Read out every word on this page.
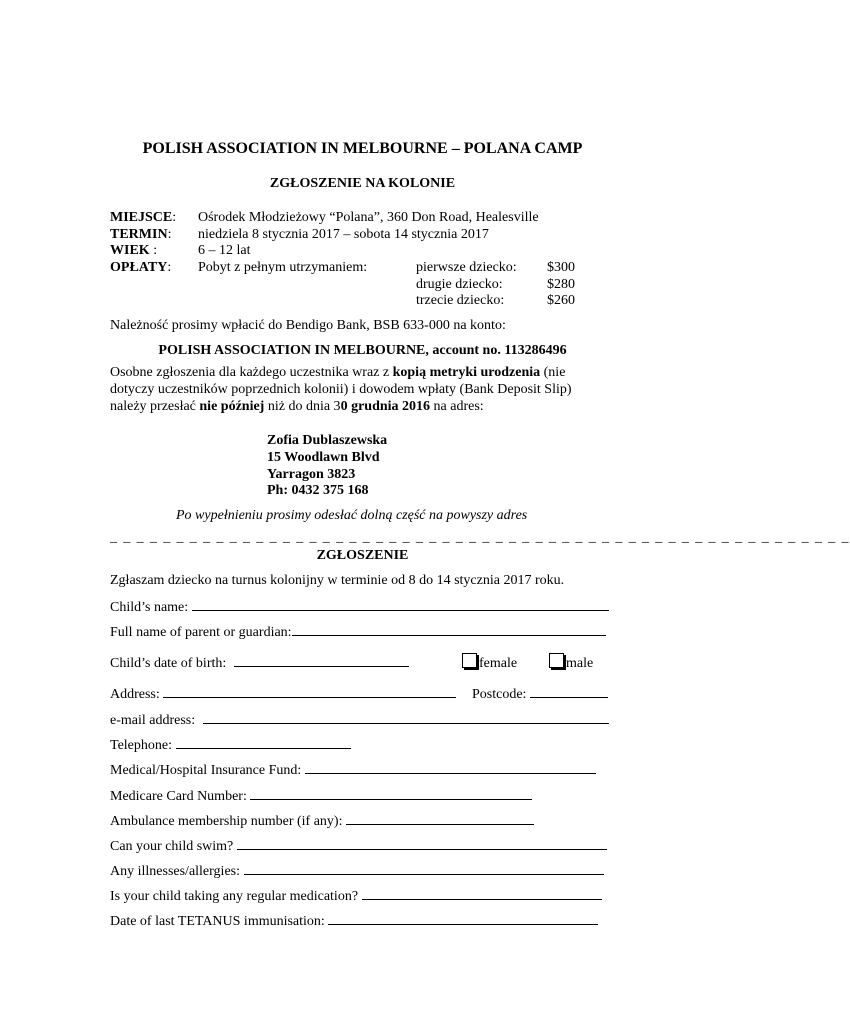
POLISH ASSOCIATION IN MELBOURNE – POLANA CAMP
ZGŁOSZENIE NA KOLONIE
MIEJSCE: Ośrodek Młodzieżowy “Polana”, 360 Don Road, Healesville
TERMIN: niedziela 8 stycznia 2017 – sobota 14 stycznia 2017
WIEK :	6 – 12 lat
OPŁATY: Pobyt z pełnym utrzymaniem:	pierwsze dziecko: $300
drugie dziecko:	$280
trzecie dziecko:	$260
Należność prosimy wpłacić do Bendigo Bank, BSB 633-000 na konto:
POLISH ASSOCIATION IN MELBOURNE, account no. 113286496
Osobne zgłoszenia dla każdego uczestnika wraz z kopią metryki urodzenia (nie
dotyczy uczestników poprzednich kolonii) i dowodem wpłaty (Bank Deposit Slip)
należy przesłać nie później niż do dnia 30 grudnia 2016 na adres:
Zofia Dublaszewska
15 Woodlawn Blvd
Yarragon 3823
Ph: 0432 375 168
Po wypełnieniu prosimy odesłać dolną część na powyszy adres
_ _ _ _ _ _ _ _ _ _ _ _ _ _ _ _ _ _ _ _ _ _ _ _ _ _ _ _ _ _ _ _ _ _ _ _ _ _ _ _ _ _ _ _ _ _ _ _ _ _ _ _ _ _ _ _
ZGŁOSZENIE
Zgłaszam dziecko na turnus kolonijny w terminie od 8 do 14 stycznia 2017 roku.
Child’s name:
Full name of parent or guardian:
Child’s date of birth:	female	male
Address:	Postcode:
e-mail address:
Telephone:
Medical/Hospital Insurance Fund:
Medicare Card Number:
Ambulance membership number (if any):
Can your child swim?
Any illnesses/allergies:
Is your child taking any regular medication?
Date of last TETANUS immunisation:
